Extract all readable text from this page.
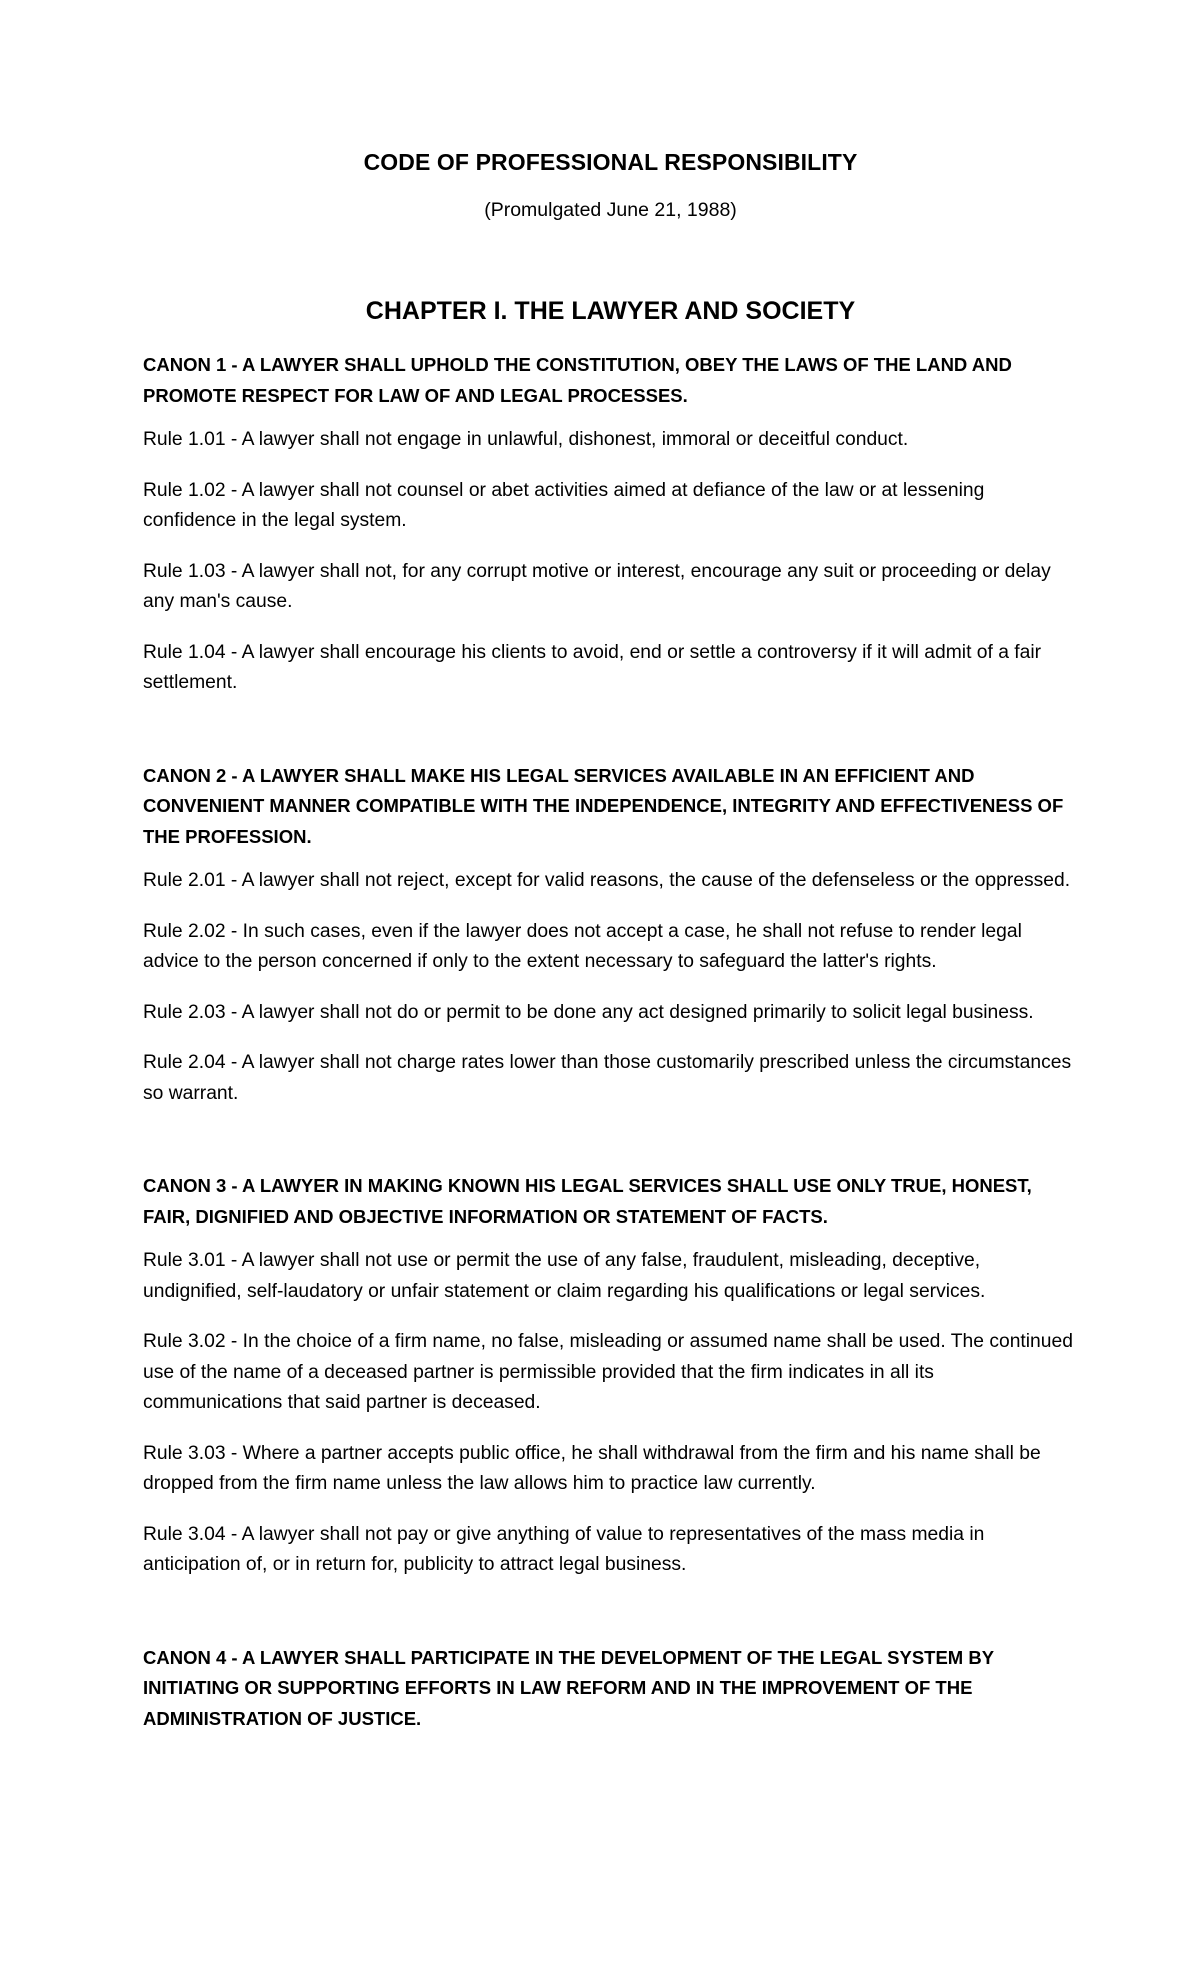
CODE OF PROFESSIONAL RESPONSIBILITY

(Promulgated June 21, 1988)

CHAPTER I. THE LAWYER AND SOCIETY

CANON 1 - A LAWYER SHALL UPHOLD THE CONSTITUTION, OBEY THE LAWS OF THE LAND AND PROMOTE RESPECT FOR LAW OF AND LEGAL PROCESSES.

Rule 1.01 - A lawyer shall not engage in unlawful, dishonest, immoral or deceitful conduct.

Rule 1.02 - A lawyer shall not counsel or abet activities aimed at defiance of the law or at lessening confidence in the legal system.

Rule 1.03 - A lawyer shall not, for any corrupt motive or interest, encourage any suit or proceeding or delay any man's cause.

Rule 1.04 - A lawyer shall encourage his clients to avoid, end or settle a controversy if it will admit of a fair settlement.

CANON 2 - A LAWYER SHALL MAKE HIS LEGAL SERVICES AVAILABLE IN AN EFFICIENT AND CONVENIENT MANNER COMPATIBLE WITH THE INDEPENDENCE, INTEGRITY AND EFFECTIVENESS OF THE PROFESSION.

Rule 2.01 - A lawyer shall not reject, except for valid reasons, the cause of the defenseless or the oppressed.

Rule 2.02 - In such cases, even if the lawyer does not accept a case, he shall not refuse to render legal advice to the person concerned if only to the extent necessary to safeguard the latter's rights.

Rule 2.03 - A lawyer shall not do or permit to be done any act designed primarily to solicit legal business.

Rule 2.04 - A lawyer shall not charge rates lower than those customarily prescribed unless the circumstances so warrant.

CANON 3 - A LAWYER IN MAKING KNOWN HIS LEGAL SERVICES SHALL USE ONLY TRUE, HONEST, FAIR, DIGNIFIED AND OBJECTIVE INFORMATION OR STATEMENT OF FACTS.

Rule 3.01 - A lawyer shall not use or permit the use of any false, fraudulent, misleading, deceptive, undignified, self-laudatory or unfair statement or claim regarding his qualifications or legal services.

Rule 3.02 - In the choice of a firm name, no false, misleading or assumed name shall be used. The continued use of the name of a deceased partner is permissible provided that the firm indicates in all its communications that said partner is deceased.

Rule 3.03 - Where a partner accepts public office, he shall withdrawal from the firm and his name shall be dropped from the firm name unless the law allows him to practice law currently.

Rule 3.04 - A lawyer shall not pay or give anything of value to representatives of the mass media in anticipation of, or in return for, publicity to attract legal business.

CANON 4 - A LAWYER SHALL PARTICIPATE IN THE DEVELOPMENT OF THE LEGAL SYSTEM BY INITIATING OR SUPPORTING EFFORTS IN LAW REFORM AND IN THE IMPROVEMENT OF THE ADMINISTRATION OF JUSTICE.
